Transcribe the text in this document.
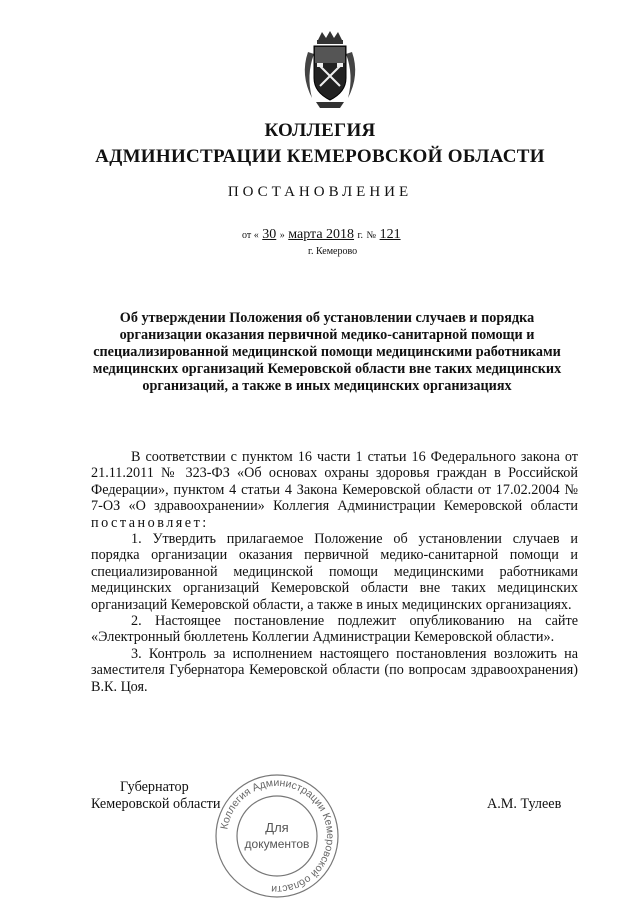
КОЛЛЕГИЯ
АДМИНИСТРАЦИИ КЕМЕРОВСКОЙ ОБЛАСТИ
ПОСТАНОВЛЕНИЕ
от « 30 » марта 2018 г. № 121
г. Кемерово
Об утверждении Положения об установлении случаев и порядка организации оказания первичной медико-санитарной помощи и специализированной медицинской помощи медицинскими работниками медицинских организаций Кемеровской области вне таких медицинских организаций, а также в иных медицинских организациях

В соответствии с пунктом 16 части 1 статьи 16 Федерального закона от 21.11.2011 № 323-ФЗ «Об основах охраны здоровья граждан в Российской Федерации», пунктом 4 статьи 4 Закона Кемеровской области от 17.02.2004 № 7-ОЗ «О здравоохранении» Коллегия Администрации Кемеровской области постановляет:

1. Утвердить прилагаемое Положение об установлении случаев и порядка организации оказания первичной медико-санитарной помощи и специализированной медицинской помощи медицинскими работниками медицинских организаций Кемеровской области вне таких медицинских организаций Кемеровской области, а также в иных медицинских организациях.

2. Настоящее постановление подлежит опубликованию на сайте «Электронный бюллетень Коллегии Администрации Кемеровской области».

3. Контроль за исполнением настоящего постановления возложить на заместителя Губернатора Кемеровской области (по вопросам здравоохранения) В.К. Цоя.

Губернатор
Кемеровской области	А.М. Тулеев
Коллегия Администрации Кемеровской области
Для
документов
